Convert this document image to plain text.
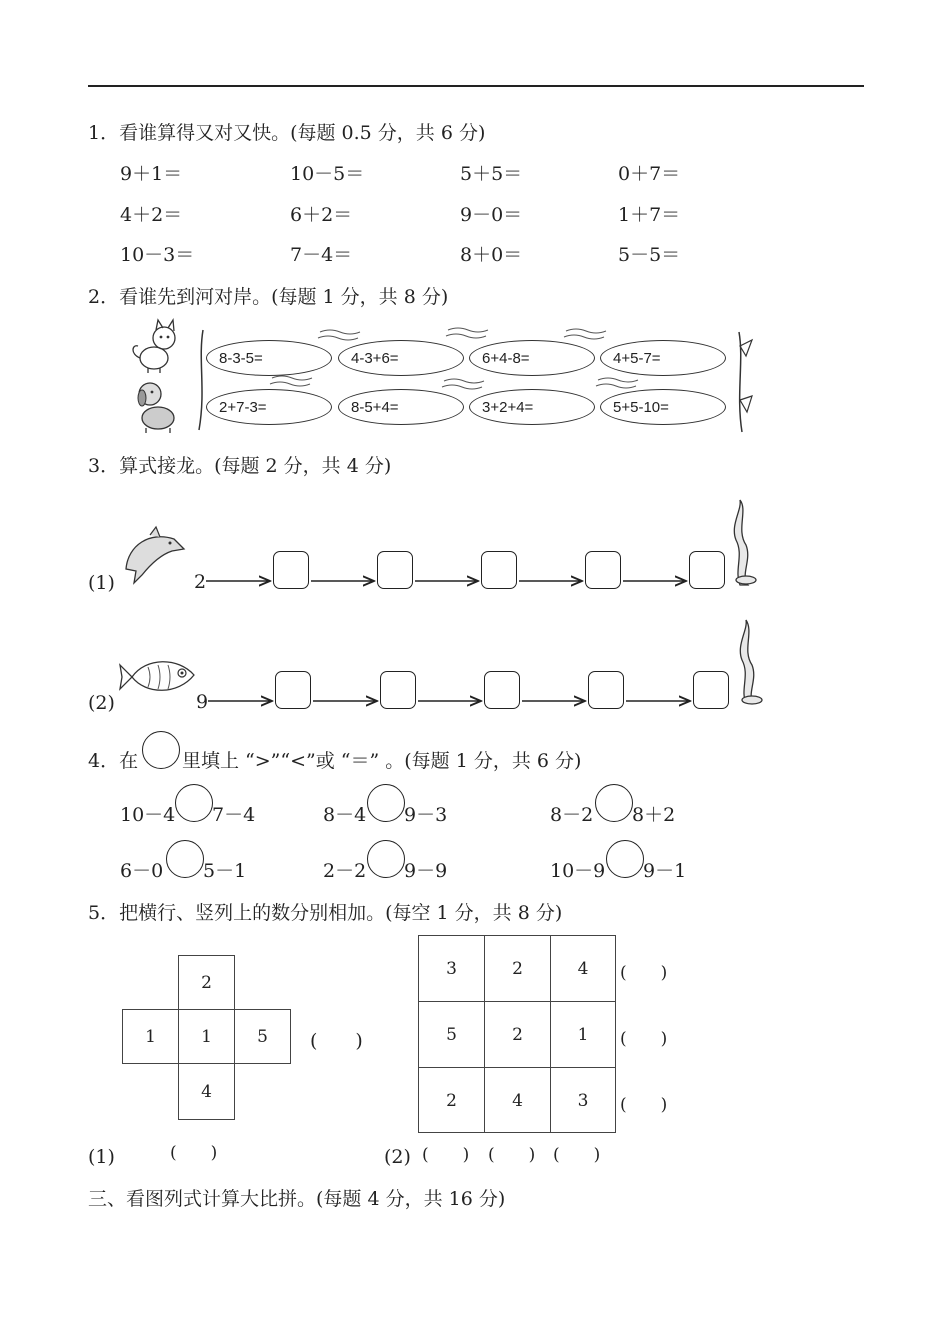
1．看谁算得又对又快。(每题 0.5 分，共 6 分)
9＋1＝	10－5＝	5＋5＝	0＋7＝
4＋2＝	6＋2＝	9－0＝	1＋7＝
10－3＝	7－4＝	8＋0＝	5－5＝
2．看谁先到河对岸。(每题 1 分，共 8 分)
8-3-5=	4-3+6=	6+4-8=	4+5-7=
2+7-3=	8-5+4=	3+2+4=	5+5-10=
3．算式接龙。(每题 2 分，共 4 分)
(1)	2
(2)	9
4．在 里填上 “>”“<”或 “＝” 。(每题 1 分，共 6 分)
10－4 7－4	8－4 9－3	8－2 8＋2
6－0 5－1	2－2 9－9	10－9 9－1
5．把横行、竖列上的数分别相加。(每空 1 分，共 8 分)
2
1	1	5
4
(　　)
(　　)
(1)
3	2	4
5	2	1
2	4	3
(　　)
(　　)
(　　)
(　　) (　　) (　　)
(2)
三、看图列式计算大比拼。(每题 4 分，共 16 分)
